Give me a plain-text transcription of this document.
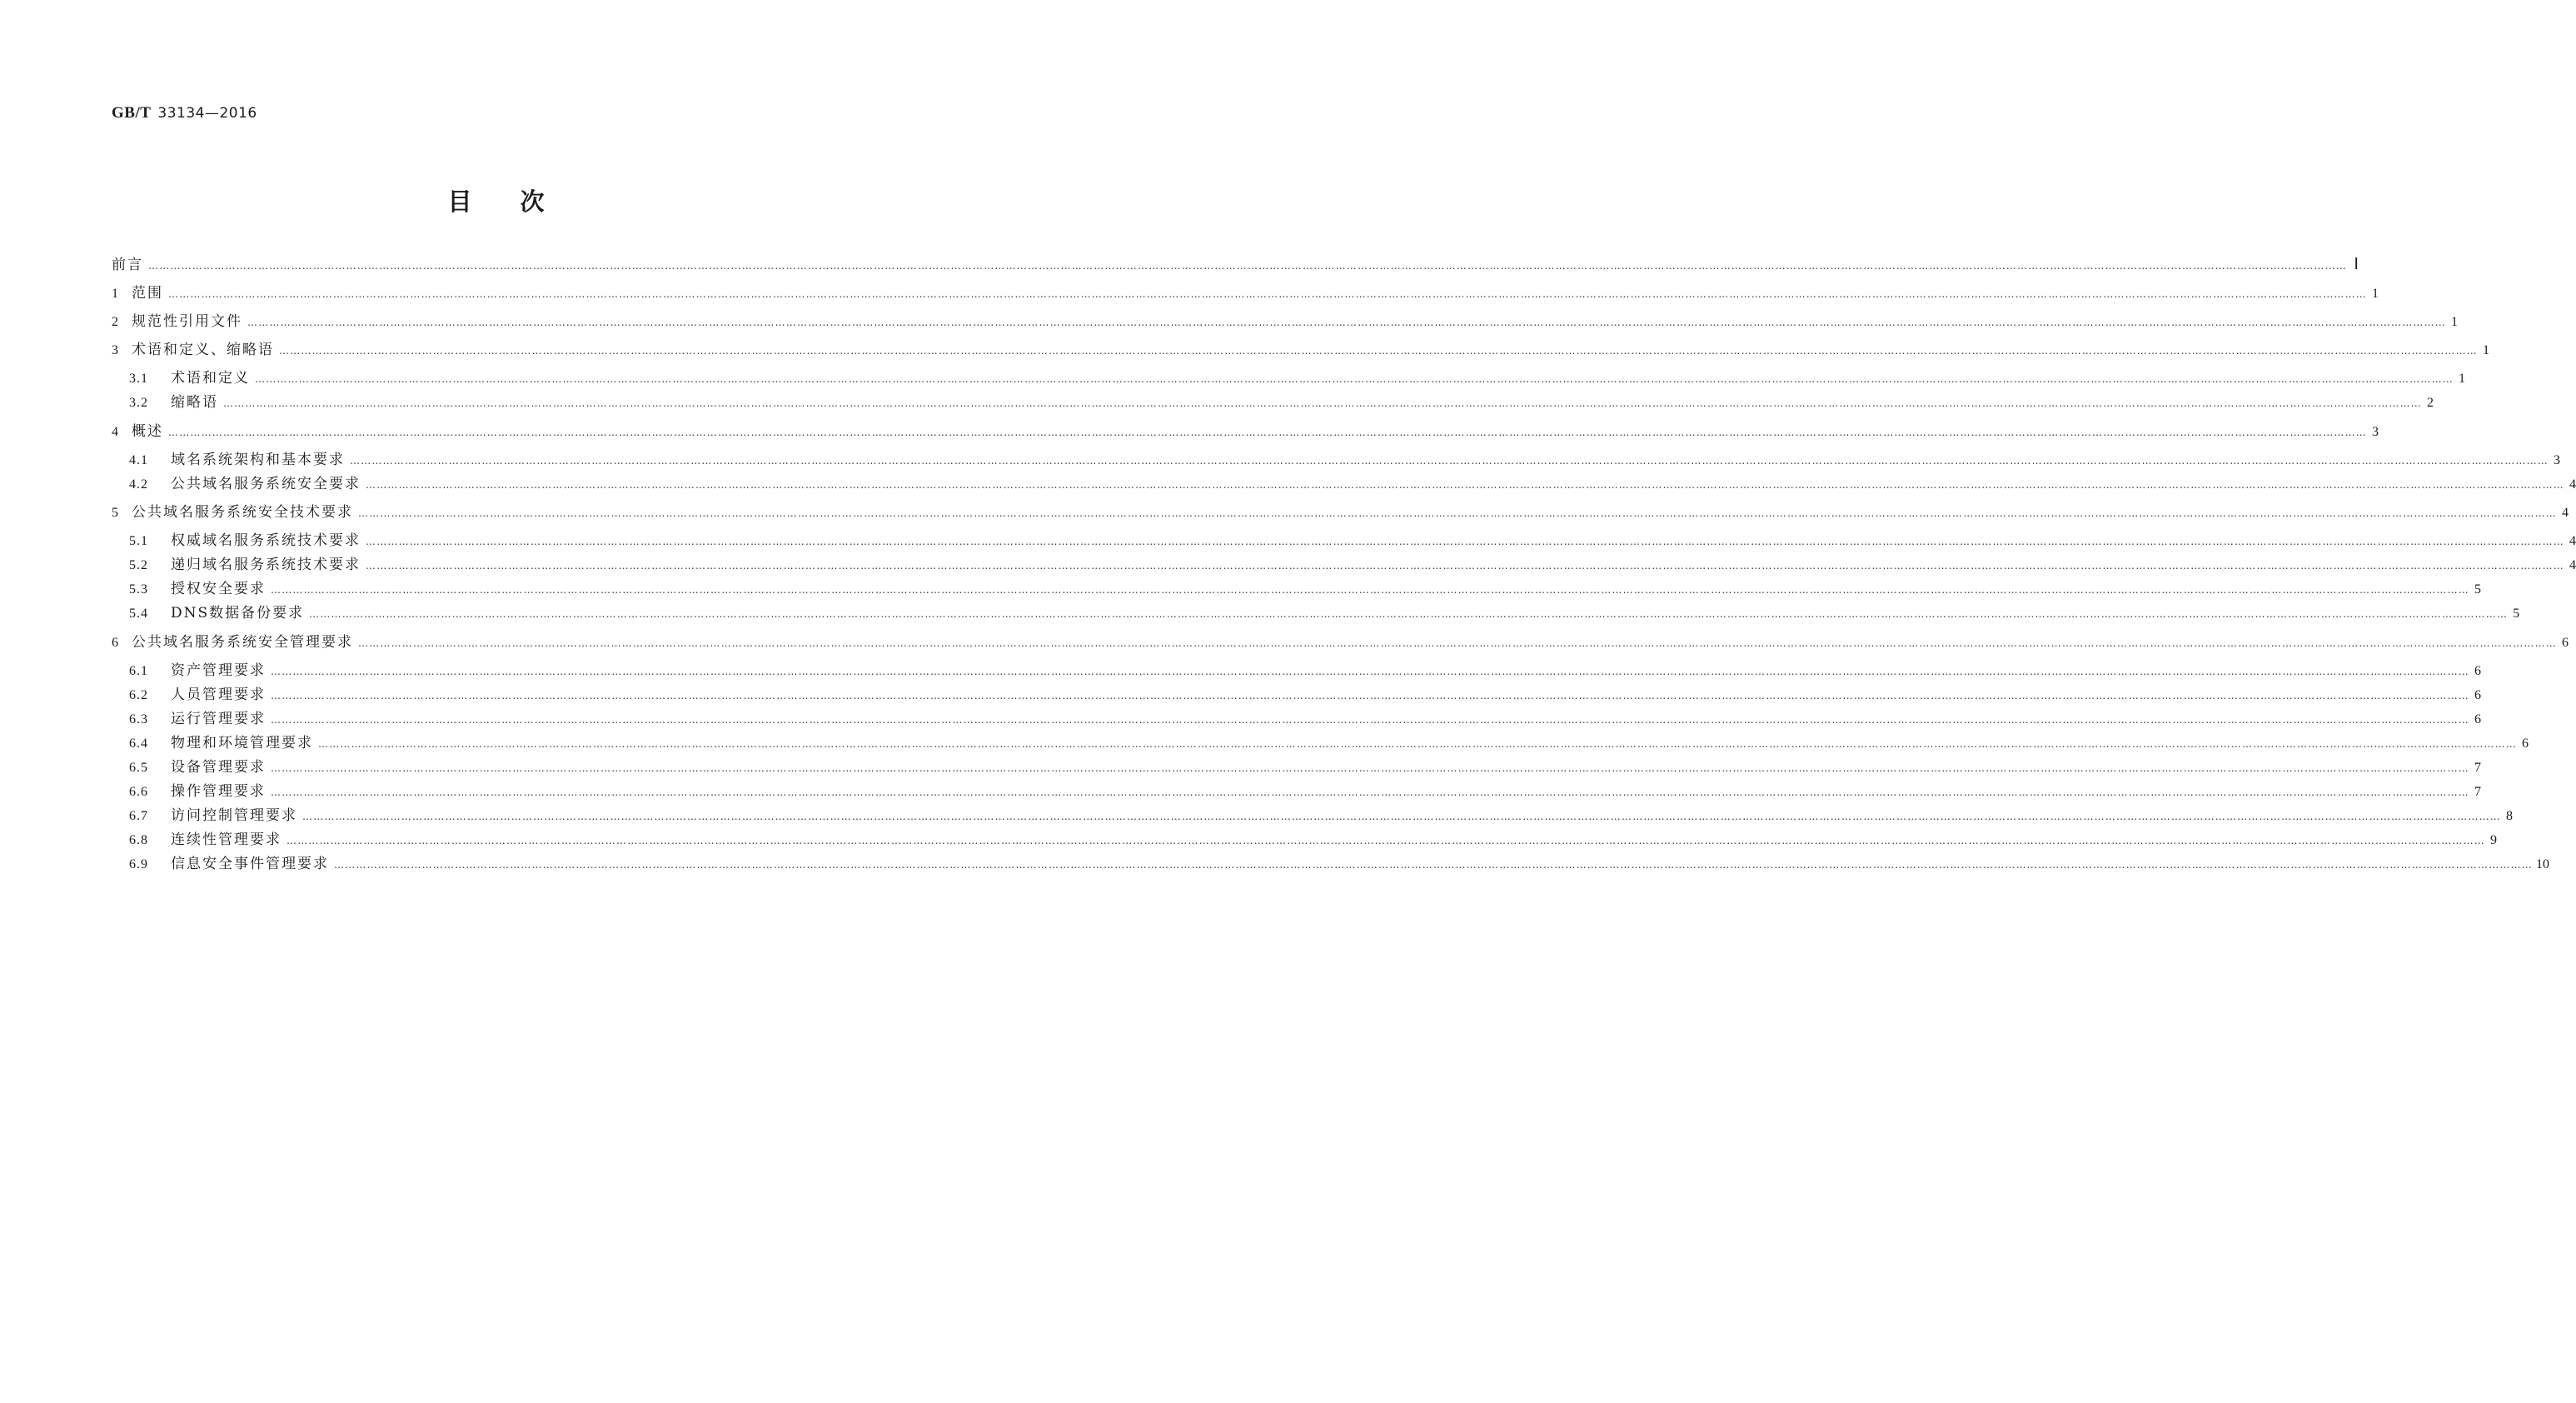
GB/T 33134—2016
目次
前言 …………………………………………………………………………………………………………………………………………………………………………………………………………………………………………………………………………………………………………………………………………………………………………………………………………………………………………………………………………………………………………………………………………………… Ⅰ
1 范围 …………………………………………………………………………………………………………………………………………………………………………………………………………………………………………………………………………………………………………………………………………………………………………………………………………………………………………………………………………………………………………………………………………………… 1
2 规范性引用文件 …………………………………………………………………………………………………………………………………………………………………………………………………………………………………………………………………………………………………………………………………………………………………………………………………………………………………………………………………………………………………………………………………………………… 1
3 术语和定义、缩略语 …………………………………………………………………………………………………………………………………………………………………………………………………………………………………………………………………………………………………………………………………………………………………………………………………………………………………………………………………………………………………………………………………………………… 1
3.1	术语和定义 …………………………………………………………………………………………………………………………………………………………………………………………………………………………………………………………………………………………………………………………………………………………………………………………………………………………………………………………………………………………………………………………………………………… 1
3.2	缩略语 …………………………………………………………………………………………………………………………………………………………………………………………………………………………………………………………………………………………………………………………………………………………………………………………………………………………………………………………………………………………………………………………………………………… 2
4 概述 …………………………………………………………………………………………………………………………………………………………………………………………………………………………………………………………………………………………………………………………………………………………………………………………………………………………………………………………………………………………………………………………………………………… 3
4.1	域名系统架构和基本要求 …………………………………………………………………………………………………………………………………………………………………………………………………………………………………………………………………………………………………………………………………………………………………………………………………………………………………………………………………………………………………………………………………………………… 3
4.2	公共域名服务系统安全要求 …………………………………………………………………………………………………………………………………………………………………………………………………………………………………………………………………………………………………………………………………………………………………………………………………………………………………………………………………………………………………………………………………………………… 4
5 公共域名服务系统安全技术要求 …………………………………………………………………………………………………………………………………………………………………………………………………………………………………………………………………………………………………………………………………………………………………………………………………………………………………………………………………………………………………………………………………………………… 4
5.1	权威域名服务系统技术要求 …………………………………………………………………………………………………………………………………………………………………………………………………………………………………………………………………………………………………………………………………………………………………………………………………………………………………………………………………………………………………………………………………………………… 4
5.2	递归域名服务系统技术要求 …………………………………………………………………………………………………………………………………………………………………………………………………………………………………………………………………………………………………………………………………………………………………………………………………………………………………………………………………………………………………………………………………………………… 4
5.3	授权安全要求 …………………………………………………………………………………………………………………………………………………………………………………………………………………………………………………………………………………………………………………………………………………………………………………………………………………………………………………………………………………………………………………………………………………… 5
5.4	DNS数据备份要求 …………………………………………………………………………………………………………………………………………………………………………………………………………………………………………………………………………………………………………………………………………………………………………………………………………………………………………………………………………………………………………………………………………………… 5
6 公共域名服务系统安全管理要求 …………………………………………………………………………………………………………………………………………………………………………………………………………………………………………………………………………………………………………………………………………………………………………………………………………………………………………………………………………………………………………………………………………………… 6
6.1	资产管理要求 …………………………………………………………………………………………………………………………………………………………………………………………………………………………………………………………………………………………………………………………………………………………………………………………………………………………………………………………………………………………………………………………………………………… 6
6.2	人员管理要求 …………………………………………………………………………………………………………………………………………………………………………………………………………………………………………………………………………………………………………………………………………………………………………………………………………………………………………………………………………………………………………………………………………………… 6
6.3	运行管理要求 …………………………………………………………………………………………………………………………………………………………………………………………………………………………………………………………………………………………………………………………………………………………………………………………………………………………………………………………………………………………………………………………………………………… 6
6.4	物理和环境管理要求 …………………………………………………………………………………………………………………………………………………………………………………………………………………………………………………………………………………………………………………………………………………………………………………………………………………………………………………………………………………………………………………………………………………… 6
6.5	设备管理要求 …………………………………………………………………………………………………………………………………………………………………………………………………………………………………………………………………………………………………………………………………………………………………………………………………………………………………………………………………………………………………………………………………………………… 7
6.6	操作管理要求 …………………………………………………………………………………………………………………………………………………………………………………………………………………………………………………………………………………………………………………………………………………………………………………………………………………………………………………………………………………………………………………………………………………… 7
6.7	访问控制管理要求 …………………………………………………………………………………………………………………………………………………………………………………………………………………………………………………………………………………………………………………………………………………………………………………………………………………………………………………………………………………………………………………………………………………… 8
6.8	连续性管理要求 …………………………………………………………………………………………………………………………………………………………………………………………………………………………………………………………………………………………………………………………………………………………………………………………………………………………………………………………………………………………………………………………………………………… 9
6.9	信息安全事件管理要求 …………………………………………………………………………………………………………………………………………………………………………………………………………………………………………………………………………………………………………………………………………………………………………………………………………………………………………………………………………………………………………………………………………………… 10
